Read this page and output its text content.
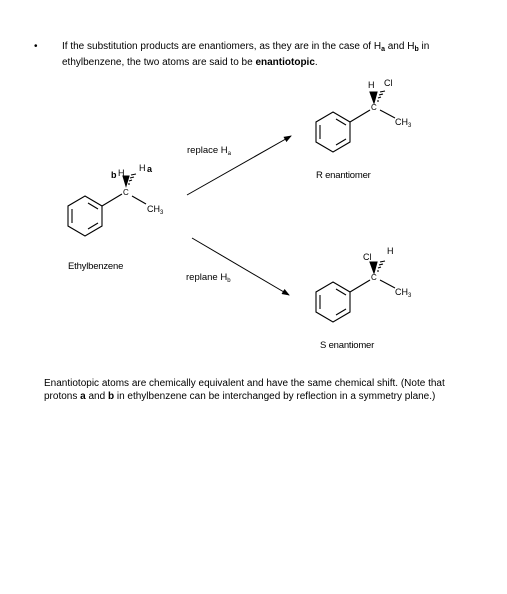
• If the substitution products are enantiomers, as they are in the case of $H_a$ and $H_b$ in ethylbenzene, the two atoms are said to be enantiotopic.
b H H a
C
$CH_3$
replace $H_a$
replane $H_b$
H Cl
C
$CH_3$
Cl
H
C
$CH_3$
Ethylbenzene
R enantiomer
S enantiomer
Enantiotopic atoms are chemically equivalent and have the same chemical shift. (Note that protons a and b in ethylbenzene can be interchanged by reflection in a symmetry plane.)
